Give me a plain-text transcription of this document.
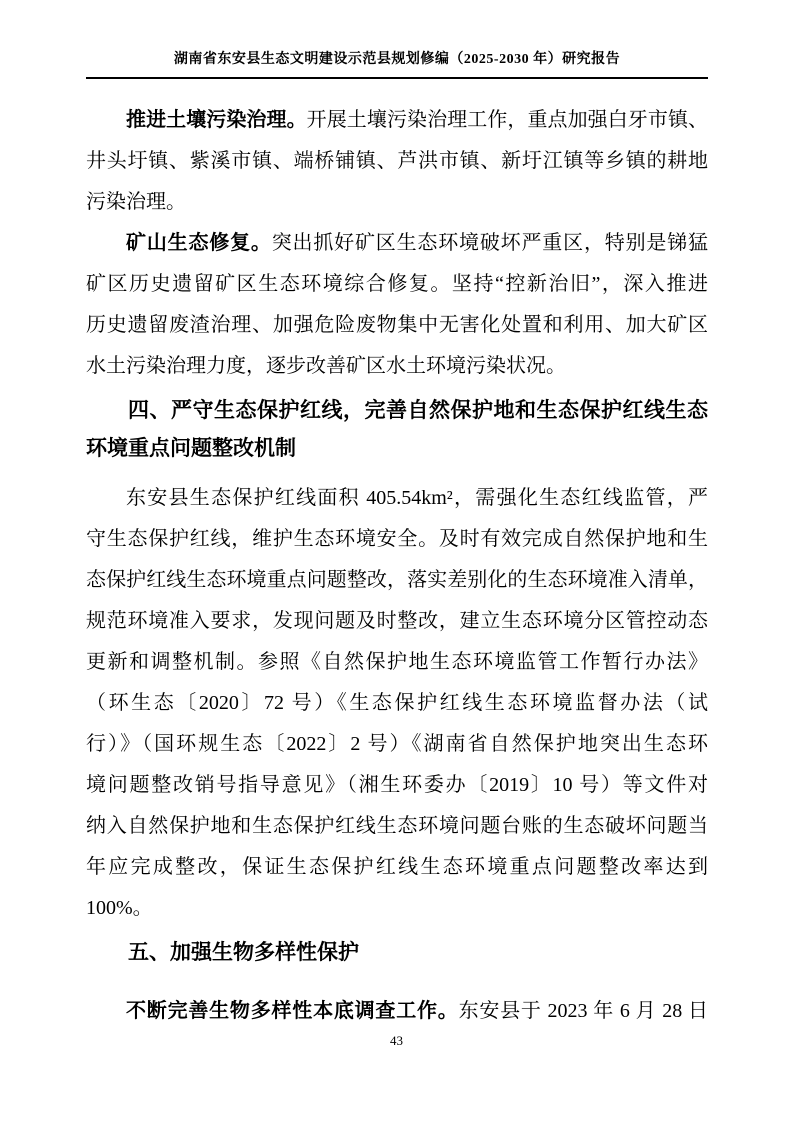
湖南省东安县生态文明建设示范县规划修编（2025-2030 年）研究报告
推进土壤污染治理。开展土壤污染治理工作，重点加强白牙市镇、
井头圩镇、紫溪市镇、端桥铺镇、芦洪市镇、新圩江镇等乡镇的耕地
污染治理。
矿山生态修复。突出抓好矿区生态环境破坏严重区，特别是锑猛
矿区历史遗留矿区生态环境综合修复。坚持“控新治旧”，深入推进
历史遗留废渣治理、加强危险废物集中无害化处置和利用、加大矿区
水土污染治理力度，逐步改善矿区水土环境污染状况。
四、严守生态保护红线，完善自然保护地和生态保护红线生态
环境重点问题整改机制
东安县生态保护红线面积 405.54km²，需强化生态红线监管，严
守生态保护红线，维护生态环境安全。及时有效完成自然保护地和生
态保护红线生态环境重点问题整改，落实差别化的生态环境准入清单，
规范环境准入要求，发现问题及时整改，建立生态环境分区管控动态
更新和调整机制。参照《自然保护地生态环境监管工作暂行办法》
（环生态〔2020〕72 号）《生态保护红线生态环境监督办法（试
行）》（国环规生态〔2022〕2 号）《湖南省自然保护地突出生态环
境问题整改销号指导意见》（湘生环委办〔2019〕10 号）等文件对
纳入自然保护地和生态保护红线生态环境问题台账的生态破坏问题当
年应完成整改，保证生态保护红线生态环境重点问题整改率达到
100%。
五、加强生物多样性保护
不断完善生物多样性本底调查工作。东安县于 2023 年 6 月 28 日
43
